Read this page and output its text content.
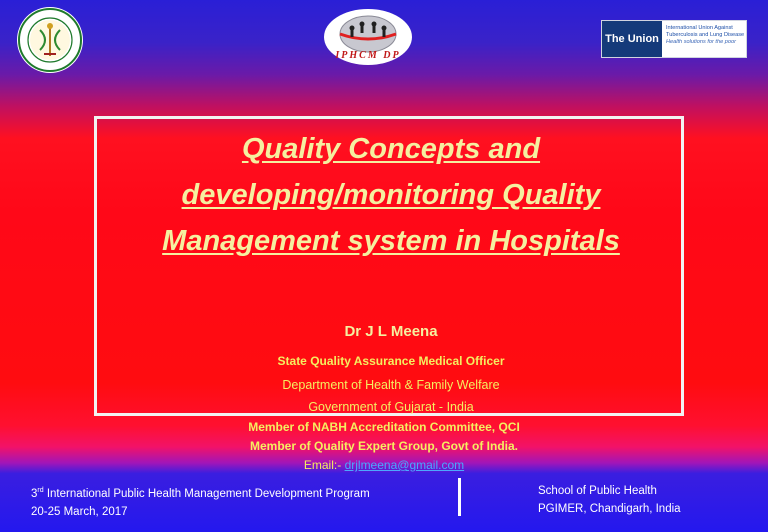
IPHCM DP
The Union
International Union Against
Tuberculosis and Lung Disease
Health solutions for the poor
Quality Concepts and
developing/monitoring Quality
Management system in Hospitals
Dr J L Meena
State Quality Assurance Medical Officer
Department of Health & Family Welfare
Government of Gujarat - India
Member of NABH Accreditation Committee, QCI
Member of Quality Expert Group, Govt of India.
Email:- drjlmeena@gmail.com
3rd International Public Health Management Development Program
20-25 March, 2017
School of Public Health
PGIMER, Chandigarh, India
